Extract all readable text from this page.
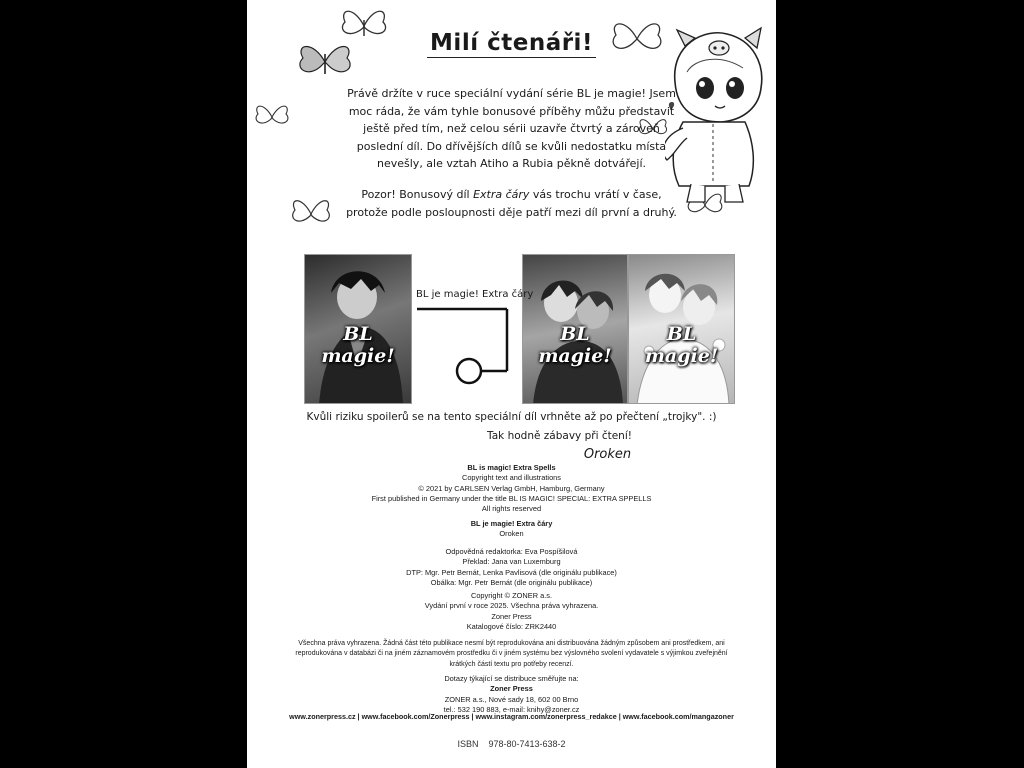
Milí čtenáři!
Právě držíte v ruce speciální vydání série BL je magie! Jsem
moc ráda, že vám tyhle bonusové příběhy můžu představit
ještě před tím, než celou sérii uzavře čtvrtý a zároveň
poslední díl. Do dřívějších dílů se kvůli nedostatku místa
nevešly, ale vztah Atiho a Rubia pěkně dotvářejí.
Pozor! Bonusový díl Extra čáry vás trochu vrátí v čase,
protože podle posloupnosti děje patří mezi díl první a druhý.
BL magie!
BL magie!
BL magie!
BL je magie! Extra čáry
Kvůli riziku spoilerů se na tento speciální díl vrhněte až po přečtení „trojky". :)
Tak hodně zábavy při čtení!
Oroken
BL is magic! Extra Spells
Copyright text and illustrations
© 2021 by CARLSEN Verlag GmbH, Hamburg, Germany
First published in Germany under the title BL IS MAGIC! SPECIAL: EXTRA SPPELLS
All rights reserved
BL je magie! Extra čáry
Oroken
Odpovědná redaktorka: Eva Pospíšilová
Překlad: Jana van Luxemburg
DTP: Mgr. Petr Bernát, Lenka Pavlisová (dle originálu publikace)
Obálka: Mgr. Petr Bernát (dle originálu publikace)
Copyright © ZONER a.s.
Vydání první v roce 2025. Všechna práva vyhrazena.
Zoner Press
Katalogové číslo: ZRK2440
Všechna práva vyhrazena. Žádná část této publikace nesmí být reprodukována ani distribuována žádným způsobem ani prostředkem, ani
reprodukována v databázi či na jiném záznamovém prostředku či v jiném systému bez výslovného svolení vydavatele s výjimkou zveřejnění
krátkých částí textu pro potřeby recenzí.
Dotazy týkající se distribuce směřujte na:
Zoner Press
ZONER a.s., Nové sady 18, 602 00 Brno
tel.: 532 190 883, e-mail: knihy@zoner.cz
www.zonerpress.cz | www.facebook.com/Zonerpress | www.instagram.com/zonerpress_redakce | www.facebook.com/mangazoner
ISBN 978-80-7413-638-2
